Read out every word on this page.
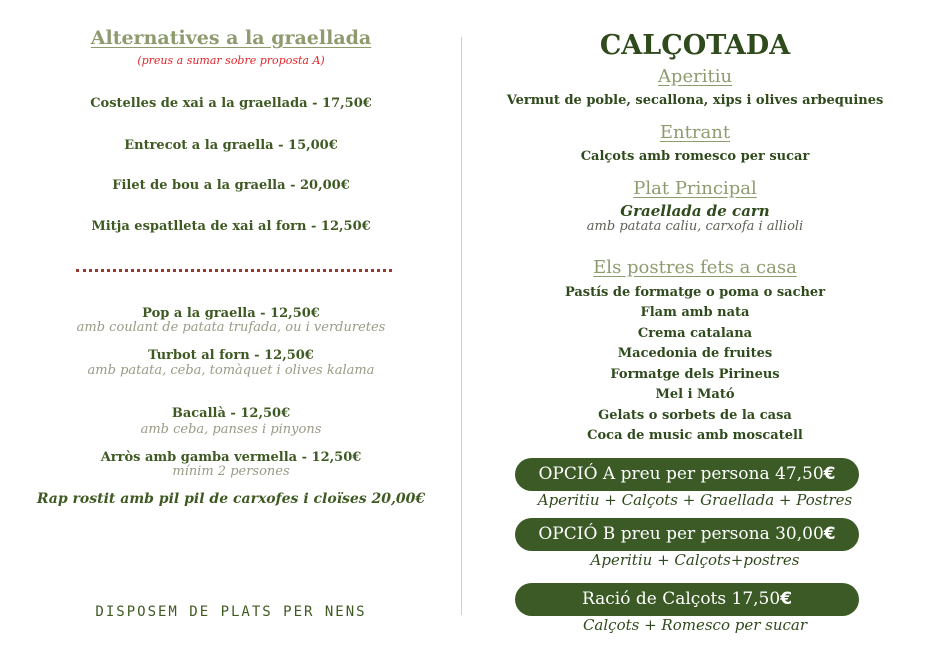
Alternatives a la graellada
(preus a sumar sobre proposta A)
Costelles de xai a la graellada - 17,50€
Entrecot a la graella - 15,00€
Filet de bou a la graella - 20,00€
Mitja espatlleta de xai al forn - 12,50€
Pop a la graella - 12,50€
amb coulant de patata trufada, ou i verduretes
Turbot al forn - 12,50€
amb patata, ceba, tomàquet i olives kalama
Bacallà - 12,50€
amb ceba, panses i pinyons
Arròs amb gamba vermella - 12,50€
mínim 2 persones
Rap rostit amb pil pil de carxofes i cloïses 20,00€
DISPOSEM DE PLATS PER NENS
CALÇOTADA
Aperitiu
Vermut de poble, secallona, xips i olives arbequines
Entrant
Calçots amb romesco per sucar
Plat Principal
Graellada de carn
amb patata caliu, carxofa i allioli
Els postres fets a casa
Pastís de formatge o poma o sacher
Flam amb nata
Crema catalana
Macedonia de fruites
Formatge dels Pirineus
Mel i Mató
Gelats o sorbets de la casa
Coca de music amb moscatell
OPCIÓ A preu per persona 47,50€
Aperitiu + Calçots + Graellada + Postres
OPCIÓ B preu per persona 30,00€
Aperitiu + Calçots+postres
Ració de Calçots 17,50€
Calçots + Romesco per sucar
